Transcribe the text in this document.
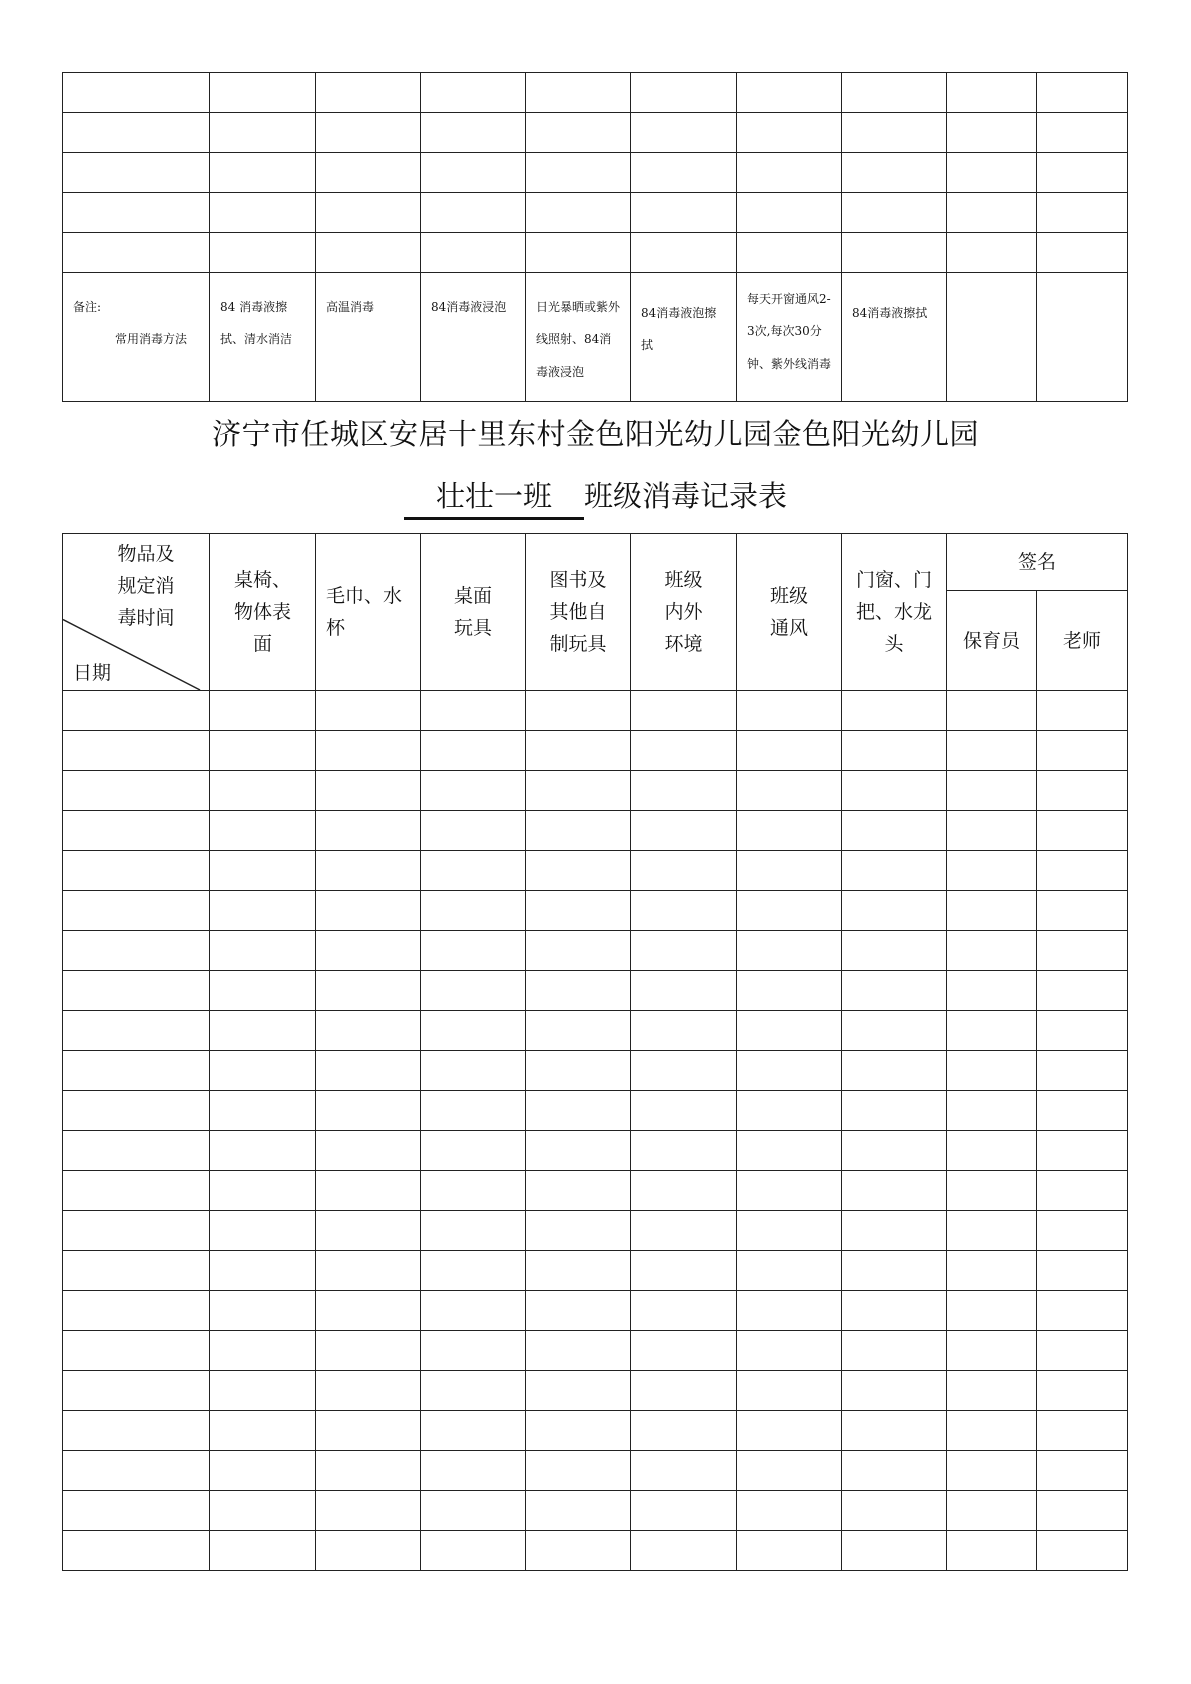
备注:
常用消毒方法	84 消毒液擦拭、清水消洁	高温消毒	84消毒液浸泡	日光暴晒或紫外线照射、84消毒液浸泡	84消毒液泡擦拭	每天开窗通风2-3次,每次30分钟、紫外线消毒	84消毒液擦拭		

济宁市任城区安居十里东村金色阳光幼儿园金色阳光幼儿园
壮壮一班 班级消毒记录表
物品及规定消毒时间
日期	桌椅、物体表面	毛巾、水杯	桌面玩具	图书及其他自制玩具	班级内外环境	班级通风	门窗、门把、水龙头	签名	
								保育员	老师
